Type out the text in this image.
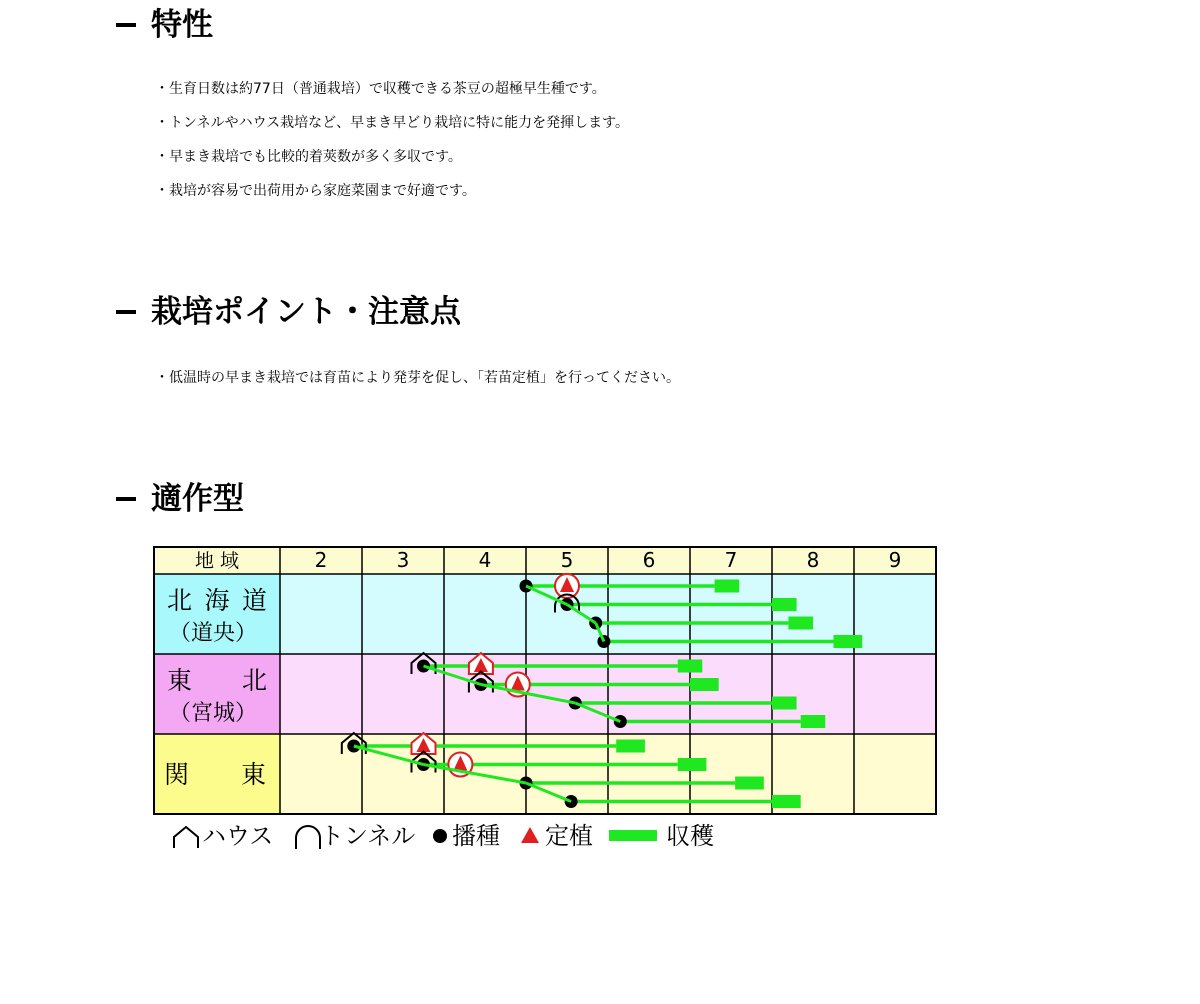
特性
・ 生育日数は約77日（普通栽培）で収穫できる茶豆の超極早生種です。
・ トンネルやハウス栽培など、早まき早どり栽培に特に能力を発揮します。
・ 早まき栽培でも比較的着莢数が多く多収です。
・ 栽培が容易で出荷用から家庭菜園まで好適です。
栽培ポイント・注意点
・ 低温時の早まき栽培では育苗により発芽を促し、「若苗定植」を行ってください。
適作型
地 域	2	3	4	5	6	7	8	9
北 海 道
（道央）
東　 北
（宮城）
関　　 東
ハウス トンネル 播種 定植	収穫
